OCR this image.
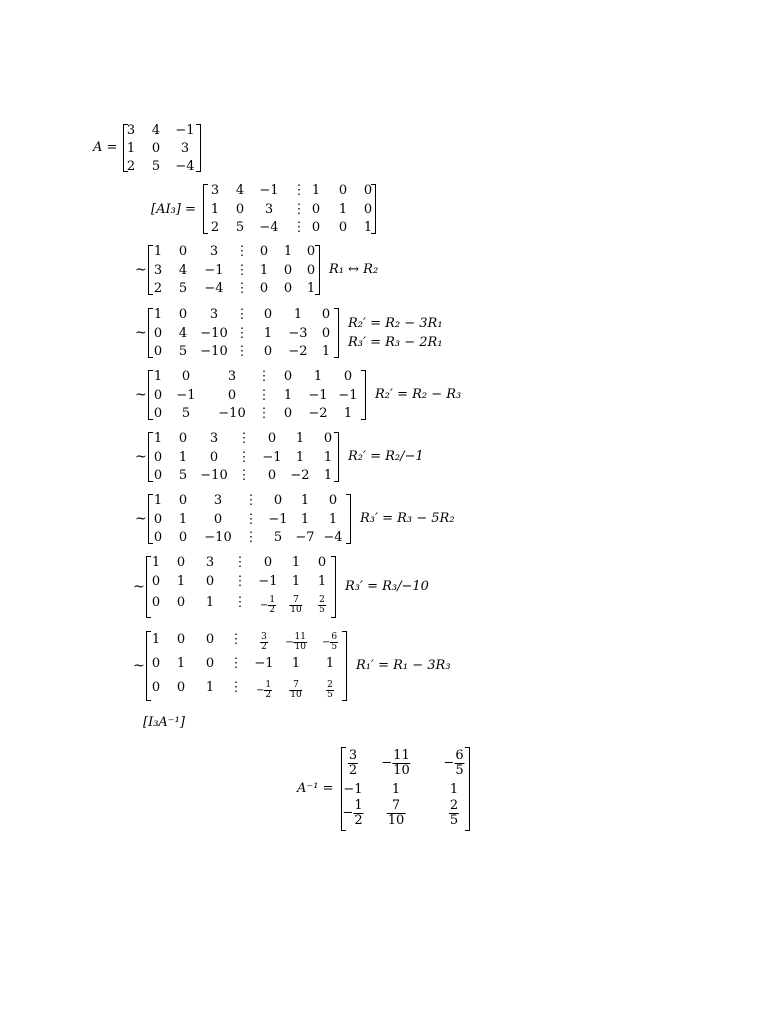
A =
3 4 −1
1 0 3
2 5 −4
[AI₃] =
3 4 −1 ⋮ 1 0 0
1 0 3 ⋮ 0 1 0
2 5 −4 ⋮ 0 0 1
~
1 0 3 ⋮ 0 1 0
3 4 −1 ⋮ 1 0 0
2 5 −4 ⋮ 0 0 1
R₁ ↔ R₂
~
1 0 3 ⋮ 0 1 0
0 4 −10 ⋮ 1 −3 0
0 5 −10 ⋮ 0 −2 1
R₂′ = R₂ − 3R₁
R₃′ = R₃ − 2R₁
~
1 0	3 ⋮ 0 1 0
0 −1 0 ⋮ 1 −1 −1
0 5 −10 ⋮ 0 −2 1
R₂′ = R₂ − R₃
~
1 0 3 ⋮ 0 1 0
0 1 0 ⋮ −1 1 1
0 5 −10 ⋮ 0 −2 1
R₂′ = R₂/−1
~
1 0 3 ⋮ 0 1 0
0 1 0 ⋮ −1 1 1
0 0 −10 ⋮ 5 −7 −4
R₃′ = R₃ − 5R₂
~
1 0 3 ⋮ 0 1 0
0 1 0 ⋮ −1 1 1
0 0 1 ⋮ − $\frac{1}{2} \frac{7}{10} \frac{2}{5}$
R₃′ = R₃/−10
~
1 0 0 ⋮ $\frac{3}{2} - \frac{11}{10} - \frac{6}{5}$
0 1 0 ⋮ −1 1 1
0 0 1 ⋮ − $\frac{1}{2} \frac{7}{10}$	$\frac{2}{5}$
R₁′ = R₁ − 3R₃
[I₃A⁻¹]
A⁻¹ =
$\frac{3}{2} - \frac{11}{10}$	− $\frac{6}{5}$
−1 1	1
− $\frac{1}{2} \frac{7}{10}$	$\frac{2}{5}$
